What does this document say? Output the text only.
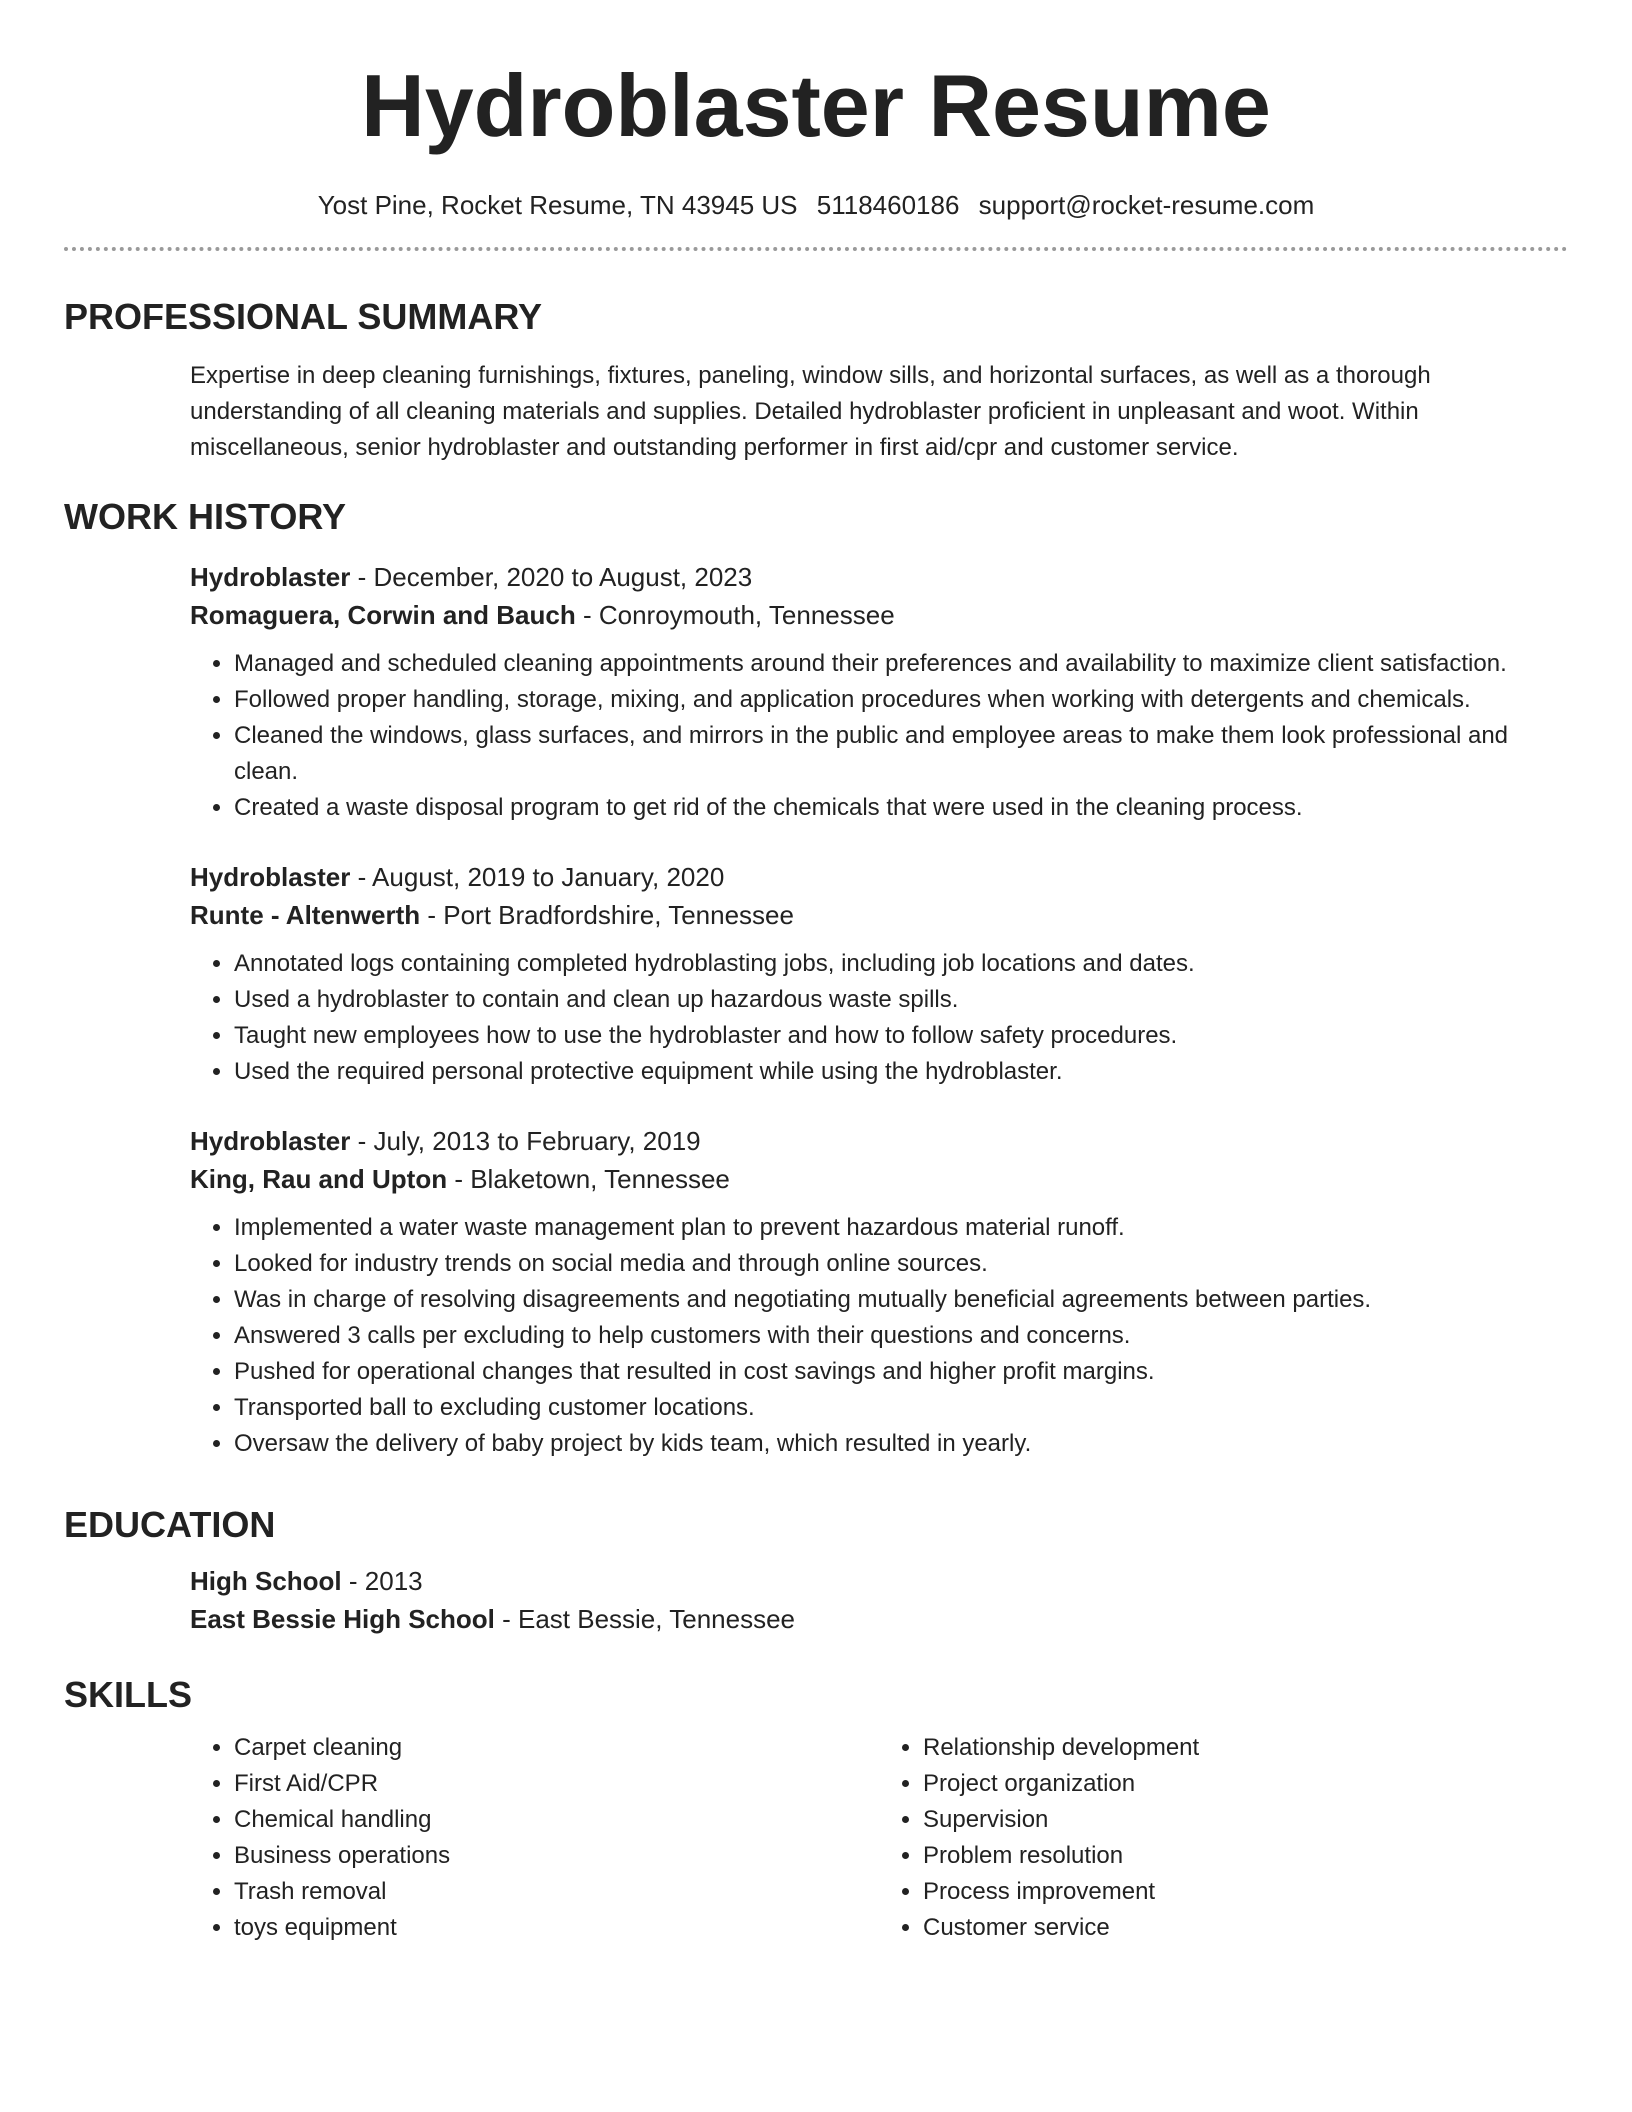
Hydroblaster Resume
Yost Pine, Rocket Resume, TN 43945 US 5118460186 support@rocket-resume.com
PROFESSIONAL SUMMARY
Expertise in deep cleaning furnishings, fixtures, paneling, window sills, and horizontal surfaces, as well as a thorough understanding of all cleaning materials and supplies. Detailed hydroblaster proficient in unpleasant and woot. Within miscellaneous, senior hydroblaster and outstanding performer in first aid/cpr and customer service.
WORK HISTORY
Hydroblaster - December, 2020 to August, 2023
Romaguera, Corwin and Bauch - Conroymouth, Tennessee
• Managed and scheduled cleaning appointments around their preferences and availability to maximize client satisfaction.
• Followed proper handling, storage, mixing, and application procedures when working with detergents and chemicals.
• Cleaned the windows, glass surfaces, and mirrors in the public and employee areas to make them look professional and clean.
• Created a waste disposal program to get rid of the chemicals that were used in the cleaning process.
Hydroblaster - August, 2019 to January, 2020
Runte - Altenwerth - Port Bradfordshire, Tennessee
• Annotated logs containing completed hydroblasting jobs, including job locations and dates.
• Used a hydroblaster to contain and clean up hazardous waste spills.
• Taught new employees how to use the hydroblaster and how to follow safety procedures.
• Used the required personal protective equipment while using the hydroblaster.
Hydroblaster - July, 2013 to February, 2019
King, Rau and Upton - Blaketown, Tennessee
• Implemented a water waste management plan to prevent hazardous material runoff.
• Looked for industry trends on social media and through online sources.
• Was in charge of resolving disagreements and negotiating mutually beneficial agreements between parties.
• Answered 3 calls per excluding to help customers with their questions and concerns.
• Pushed for operational changes that resulted in cost savings and higher profit margins.
• Transported ball to excluding customer locations.
• Oversaw the delivery of baby project by kids team, which resulted in yearly.
EDUCATION
High School - 2013
East Bessie High School - East Bessie, Tennessee
SKILLS
• Carpet cleaning
• First Aid/CPR
• Chemical handling
• Business operations
• Trash removal
• toys equipment
• Relationship development
• Project organization
• Supervision
• Problem resolution
• Process improvement
• Customer service
